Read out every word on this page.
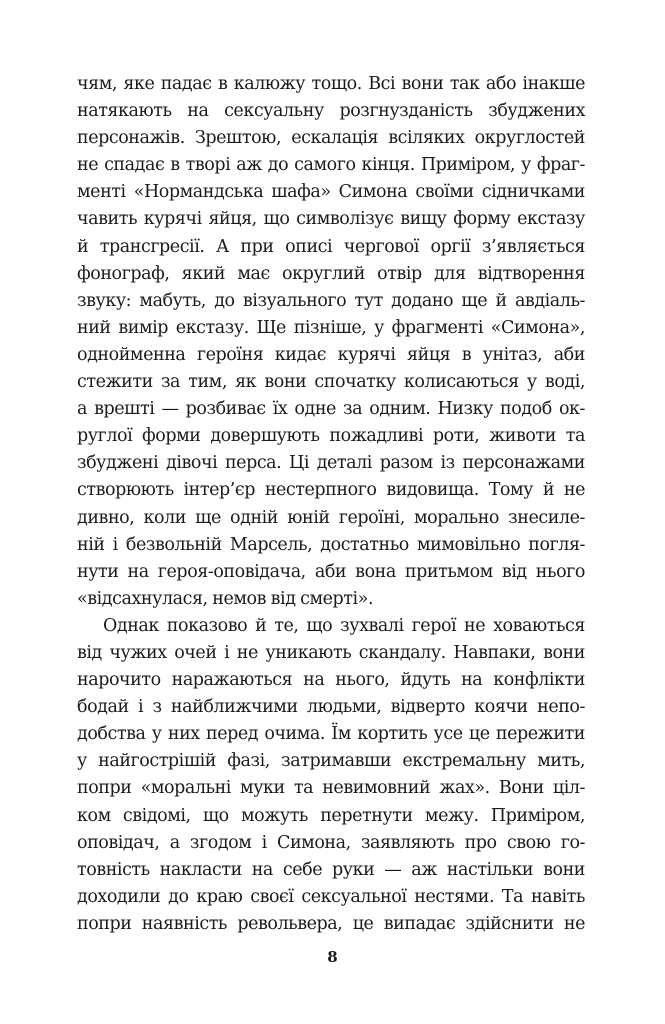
чям, яке падає в калюжу тощо. Всі вони так або інакше
натякають на сексуальну розгнузданість збуджених
персонажів. Зрештою, ескалація всіляких округлостей
не спадає в творі аж до самого кінця. Приміром, у фраг-
менті «Нормандська шафа» Симона своїми сідничками
чавить курячі яйця, що символізує вищу форму екстазу
й трансгресії. А при описі чергової оргії з’являється
фонограф, який має округлий отвір для відтворення
звуку: мабуть, до візуального тут додано ще й авдіаль-
ний вимір екстазу. Ще пізніше, у фрагменті «Симона»,
однойменна героїня кидає курячі яйця в унітаз, аби
стежити за тим, як вони спочатку колисаються у воді,
а врешті — розбиває їх одне за одним. Низку подоб ок-
руглої форми довершують пожадливі роти, животи та
збуджені дівочі перса. Ці деталі разом із персонажами
створюють інтер’єр нестерпного видовища. Тому й не
дивно, коли ще одній юній героїні, морально знесиле-
ній і безвольній Марсель, достатньо мимовільно погля-
нути на героя-оповідача, аби вона притьмом від нього
«відсахнулася, немов від смерті».
Однак показово й те, що зухвалі герої не ховаються
від чужих очей і не уникають скандалу. Навпаки, вони
нарочито наражаються на нього, йдуть на конфлікти
бодай і з найближчими людьми, відверто коячи непо-
добства у них перед очима. Їм кортить усе це пережити
у найгострішій фазі, затримавши екстремальну мить,
попри «моральні муки та невимовний жах». Вони ціл-
ком свідомі, що можуть перетнути межу. Приміром,
оповідач, а згодом і Симона, заявляють про свою го-
товність накласти на себе руки — аж настільки вони
доходили до краю своєї сексуальної нестями. Та навіть
попри наявність револьвера, це випадає здійснити не
8
